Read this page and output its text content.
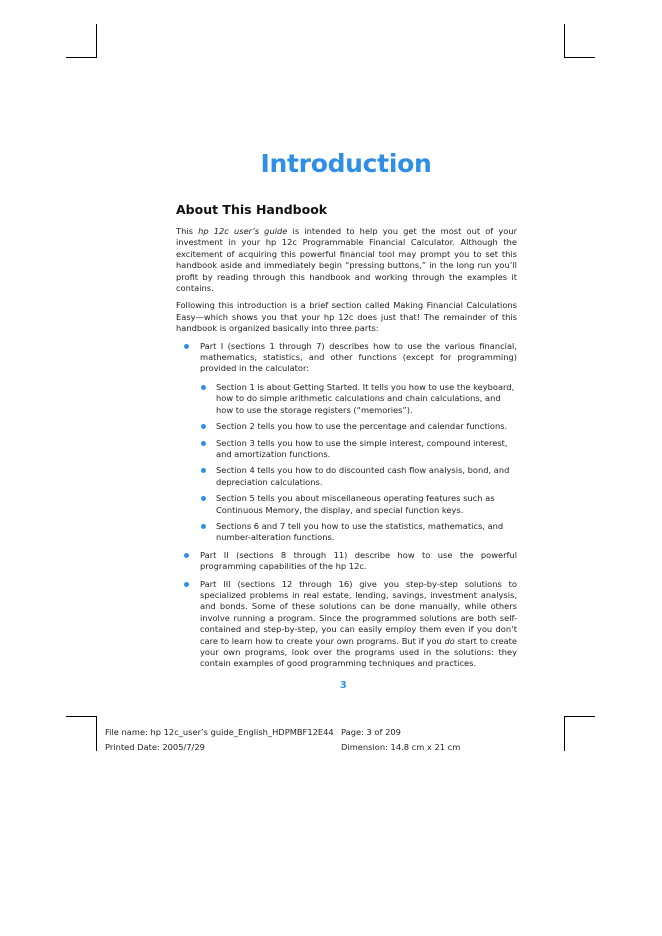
Introduction
About This Handbook

This hp 12c user’s guide is intended to help you get the most out of your investment in your hp 12c Programmable Financial Calculator. Although the excitement of acquiring this powerful financial tool may prompt you to set this handbook aside and immediately begin “pressing buttons,” in the long run you’ll profit by reading through this handbook and working through the examples it contains.

Following this introduction is a brief section called Making Financial Calculations Easy—which shows you that your hp 12c does just that! The remainder of this handbook is organized basically into three parts:

Part I (sections 1 through 7) describes how to use the various financial, mathematics, statistics, and other functions (except for programming) provided in the calculator:
Section 1 is about Getting Started. It tells you how to use the keyboard, how to do simple arithmetic calculations and chain calculations, and how to use the storage registers (“memories”).
Section 2 tells you how to use the percentage and calendar functions.
Section 3 tells you how to use the simple interest, compound interest, and amortization functions.
Section 4 tells you how to do discounted cash flow analysis, bond, and depreciation calculations.
Section 5 tells you about miscellaneous operating features such as Continuous Memory, the display, and special function keys.
Sections 6 and 7 tell you how to use the statistics, mathematics, and number-alteration functions.
Part II (sections 8 through 11) describe how to use the powerful programming capabilities of the hp 12c.
Part III (sections 12 through 16) give you step-by-step solutions to specialized problems in real estate, lending, savings, investment analysis, and bonds. Some of these solutions can be done manually, while others involve running a program. Since the programmed solutions are both self-contained and step-by-step, you can easily employ them even if you don’t care to learn how to create your own programs. But if you do start to create your own programs, look over the programs used in the solutions: they contain examples of good programming techniques and practices.
3
File name: hp 12c_user’s guide_English_HDPMBF12E44
Printed Date: 2005/7/29
Page: 3 of 209
Dimension: 14.8 cm x 21 cm
